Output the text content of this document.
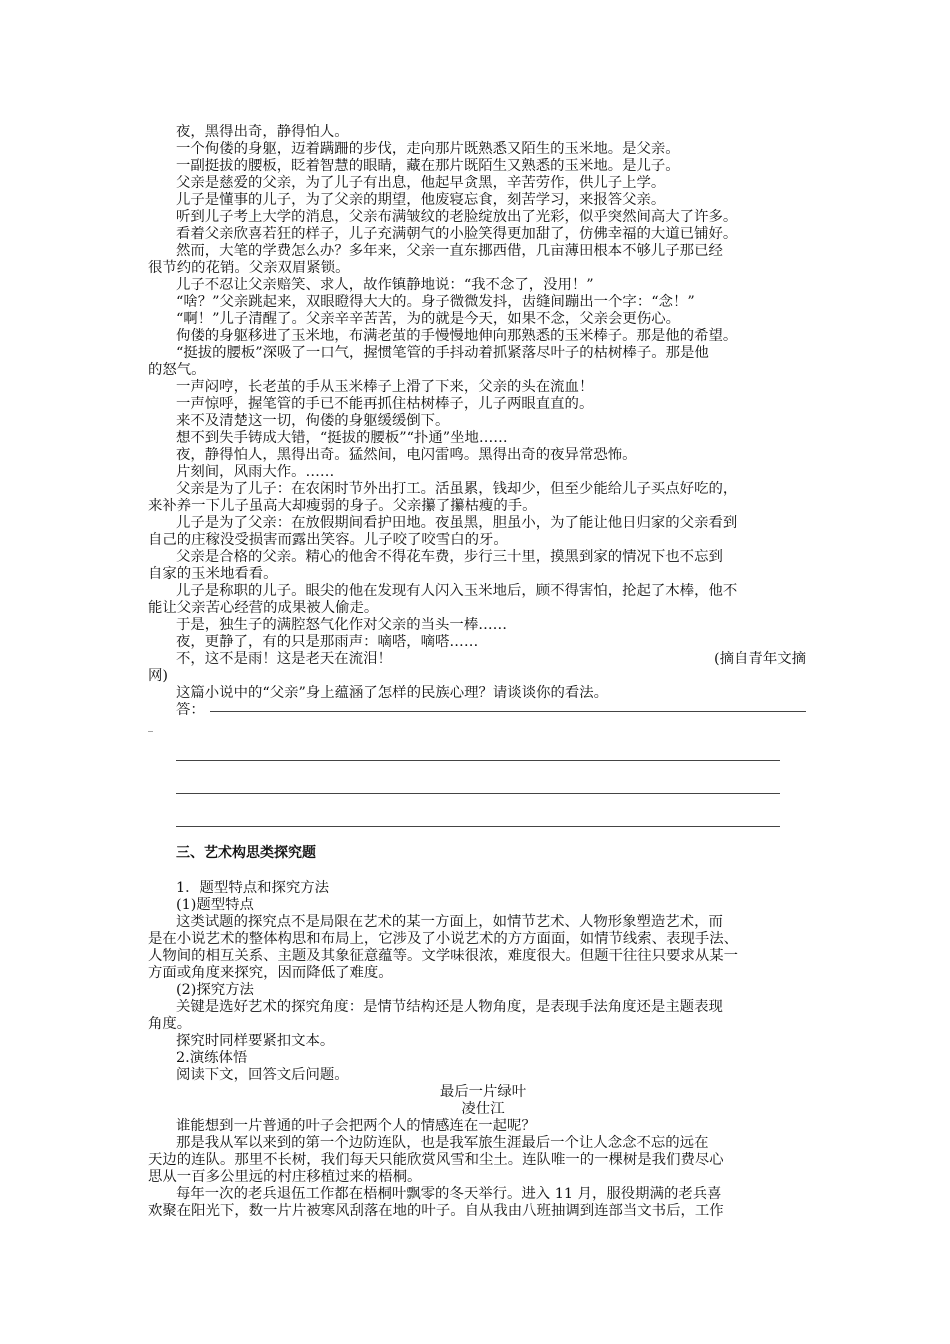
夜，黑得出奇，静得怕人。
一个佝偻的身躯，迈着蹒跚的步伐，走向那片既熟悉又陌生的玉米地。是父亲。
一副挺拔的腰板，眨着智慧的眼睛，藏在那片既陌生又熟悉的玉米地。是儿子。
父亲是慈爱的父亲，为了儿子有出息，他起早贪黑，辛苦劳作，供儿子上学。
儿子是懂事的儿子，为了父亲的期望，他废寝忘食，刻苦学习，来报答父亲。
听到儿子考上大学的消息，父亲布满皱纹的老脸绽放出了光彩，似乎突然间高大了许多。
看着父亲欣喜若狂的样子，儿子充满朝气的小脸笑得更加甜了，仿佛幸福的大道已铺好。
然而，大笔的学费怎么办？多年来，父亲一直东挪西借，几亩薄田根本不够儿子那已经
很节约的花销。父亲双眉紧锁。
儿子不忍让父亲赔笑、求人，故作镇静地说：“我不念了，没用！”
“啥？”父亲跳起来，双眼瞪得大大的。身子微微发抖，齿缝间蹦出一个字：“念！”
“啊！”儿子清醒了。父亲辛辛苦苦，为的就是今天，如果不念，父亲会更伤心。
佝偻的身躯移进了玉米地，布满老茧的手慢慢地伸向那熟悉的玉米棒子。那是他的希望。
“挺拔的腰板”深吸了一口气，握惯笔管的手抖动着抓紧落尽叶子的枯树棒子。那是他
的怒气。
一声闷哼，长老茧的手从玉米棒子上滑了下来，父亲的头在流血！
一声惊呼，握笔管的手已不能再抓住枯树棒子，儿子两眼直直的。
来不及清楚这一切，佝偻的身躯缓缓倒下。
想不到失手铸成大错，“挺拔的腰板”“扑通”坐地……
夜，静得怕人，黑得出奇。猛然间，电闪雷鸣。黑得出奇的夜异常恐怖。
片刻间，风雨大作。……
父亲是为了儿子：在农闲时节外出打工。活虽累，钱却少，但至少能给儿子买点好吃的，
来补养一下儿子虽高大却瘦弱的身子。父亲攥了攥枯瘦的手。
儿子是为了父亲：在放假期间看护田地。夜虽黑，胆虽小，为了能让他日归家的父亲看到
自己的庄稼没受损害而露出笑容。儿子咬了咬雪白的牙。
父亲是合格的父亲。精心的他舍不得花车费，步行三十里，摸黑到家的情况下也不忘到
自家的玉米地看看。
儿子是称职的儿子。眼尖的他在发现有人闪入玉米地后，顾不得害怕，抡起了木棒，他不
能让父亲苦心经营的成果被人偷走。
于是，独生子的满腔怒气化作对父亲的当头一棒……
夜，更静了，有的只是那雨声：嘀嗒，嘀嗒……
不，这不是雨！这是老天在流泪！	(摘自青年文摘
网)
这篇小说中的“父亲”身上蕴涵了怎样的民族心理？请谈谈你的看法。
答：
_
三、艺术构思类探究题
1．题型特点和探究方法
(1)题型特点
这类试题的探究点不是局限在艺术的某一方面上，如情节艺术、人物形象塑造艺术，而
是在小说艺术的整体构思和布局上，它涉及了小说艺术的方方面面，如情节线索、表现手法、
人物间的相互关系、主题及其象征意蕴等。文学味很浓，难度很大。但题干往往只要求从某一
方面或角度来探究，因而降低了难度。
(2)探究方法
关键是选好艺术的探究角度：是情节结构还是人物角度，是表现手法角度还是主题表现
角度。
探究时同样要紧扣文本。
2.演练体悟
阅读下文，回答文后问题。
最后一片绿叶
凌仕江
谁能想到一片普通的叶子会把两个人的情感连在一起呢？
那是我从军以来到的第一个边防连队，也是我军旅生涯最后一个让人念念不忘的远在
天边的连队。那里不长树，我们每天只能欣赏风雪和尘土。连队唯一的一棵树是我们费尽心
思从一百多公里远的村庄移植过来的梧桐。
每年一次的老兵退伍工作都在梧桐叶飘零的冬天举行。进入 11 月，服役期满的老兵喜
欢聚在阳光下，数一片片被寒风刮落在地的叶子。自从我由八班抽调到连部当文书后，工作
